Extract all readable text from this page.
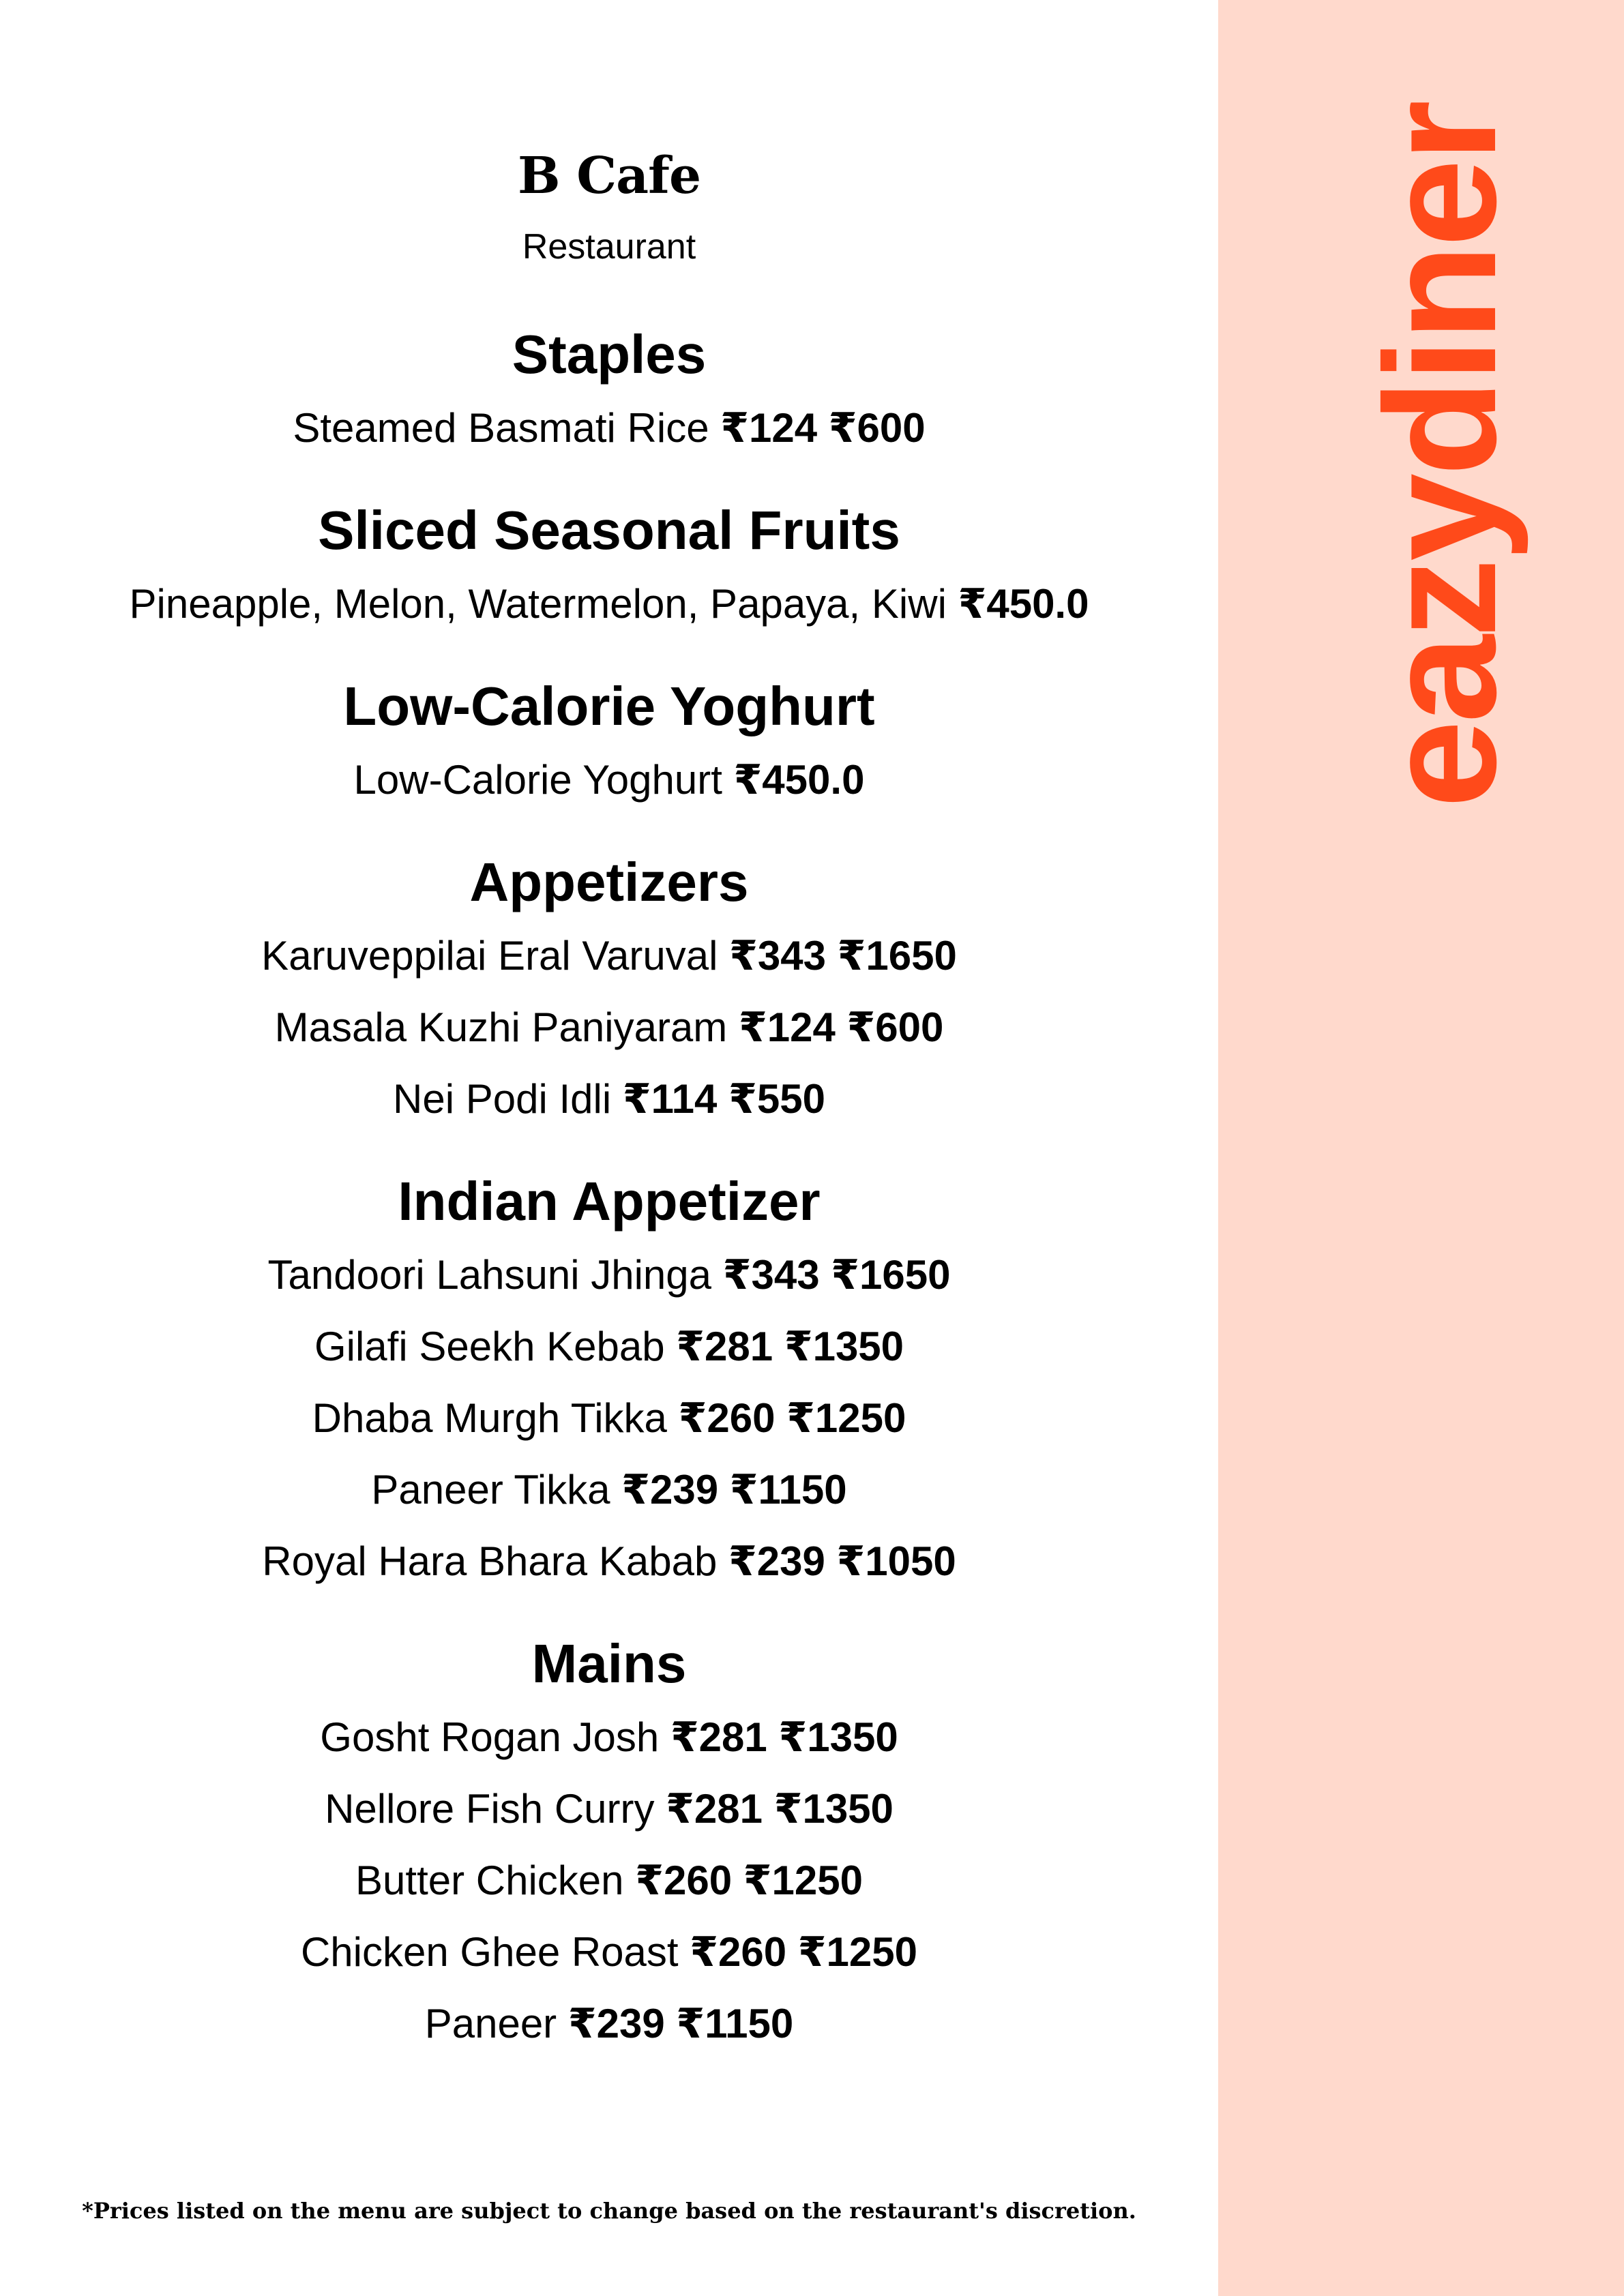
B Cafe
Restaurant
Staples
Steamed Basmati Rice ₹124 ₹600
Sliced Seasonal Fruits
Pineapple, Melon, Watermelon, Papaya, Kiwi ₹450.0
Low-Calorie Yoghurt
Low-Calorie Yoghurt ₹450.0
Appetizers
Karuveppilai Eral Varuval ₹343 ₹1650
Masala Kuzhi Paniyaram ₹124 ₹600
Nei Podi Idli ₹114 ₹550
Indian Appetizer
Tandoori Lahsuni Jhinga ₹343 ₹1650
Gilafi Seekh Kebab ₹281 ₹1350
Dhaba Murgh Tikka ₹260 ₹1250
Paneer Tikka ₹239 ₹1150
Royal Hara Bhara Kabab ₹239 ₹1050
Mains
Gosht Rogan Josh ₹281 ₹1350
Nellore Fish Curry ₹281 ₹1350
Butter Chicken ₹260 ₹1250
Chicken Ghee Roast ₹260 ₹1250
Paneer ₹239 ₹1150
*Prices listed on the menu are subject to change based on the restaurant's discretion.
eazydiner
